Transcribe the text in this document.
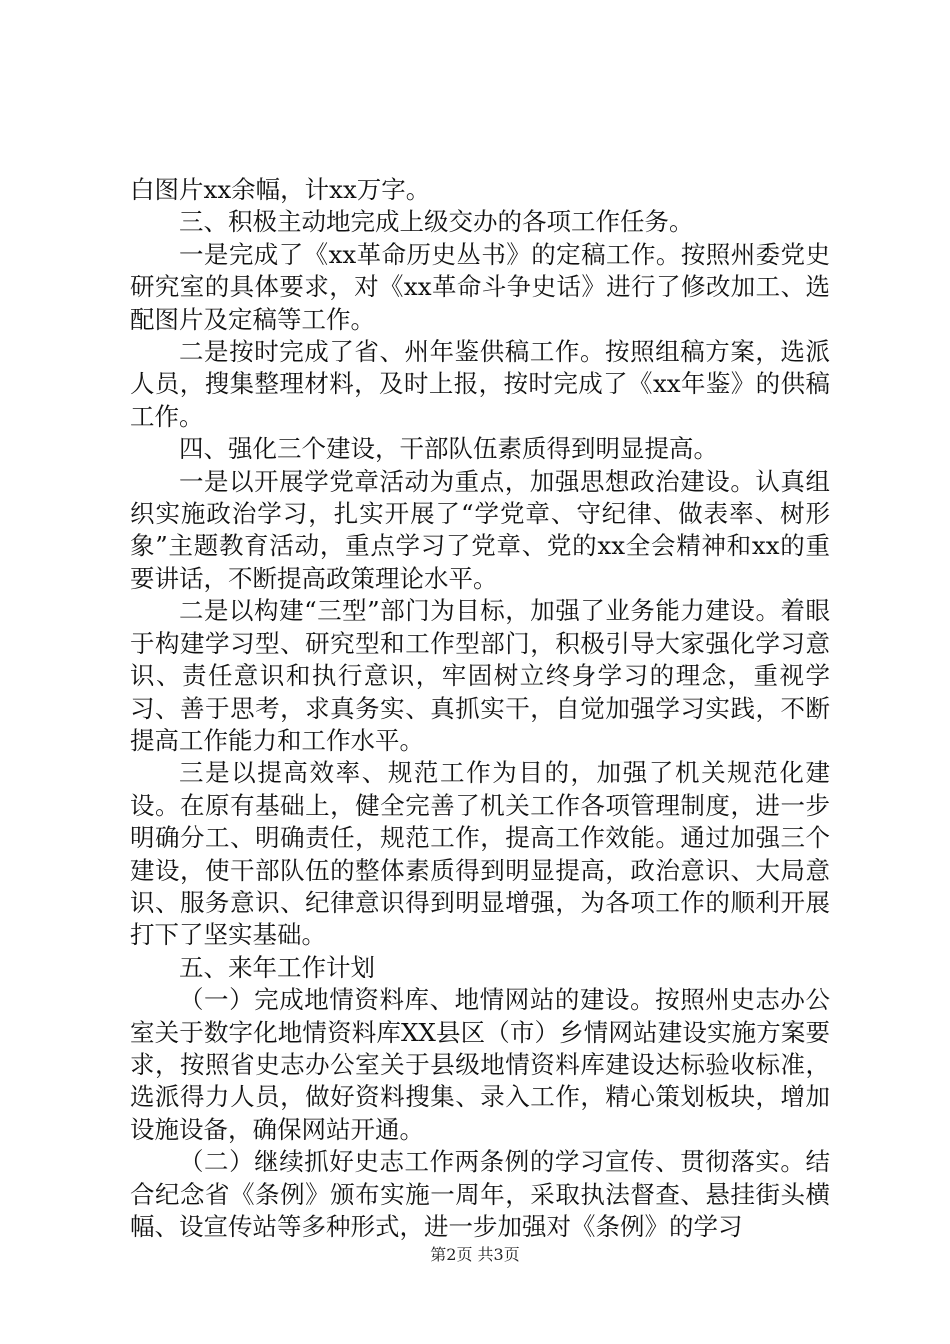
白图片xx余幅，计xx万字。

三、积极主动地完成上级交办的各项工作任务。

一是完成了《xx革命历史丛书》的定稿工作。按照州委党史研究室的具体要求，对《xx革命斗争史话》进行了修改加工、选配图片及定稿等工作。

二是按时完成了省、州年鉴供稿工作。按照组稿方案，选派人员，搜集整理材料，及时上报，按时完成了《xx年鉴》的供稿工作。

四、强化三个建设，干部队伍素质得到明显提高。

一是以开展学党章活动为重点，加强思想政治建设。认真组织实施政治学习，扎实开展了“学党章、守纪律、做表率、树形象”主题教育活动，重点学习了党章、党的xx全会精神和xx的重要讲话，不断提高政策理论水平。

二是以构建“三型”部门为目标，加强了业务能力建设。着眼于构建学习型、研究型和工作型部门，积极引导大家强化学习意识、责任意识和执行意识，牢固树立终身学习的理念，重视学习、善于思考，求真务实、真抓实干，自觉加强学习实践，不断提高工作能力和工作水平。

三是以提高效率、规范工作为目的，加强了机关规范化建设。在原有基础上，健全完善了机关工作各项管理制度，进一步明确分工、明确责任，规范工作，提高工作效能。通过加强三个建设，使干部队伍的整体素质得到明显提高，政治意识、大局意识、服务意识、纪律意识得到明显增强，为各项工作的顺利开展打下了坚实基础。

五、来年工作计划

（一）完成地情资料库、地情网站的建设。按照州史志办公室关于数字化地情资料库XX县区（市）乡情网站建设实施方案要求，按照省史志办公室关于县级地情资料库建设达标验收标准，选派得力人员，做好资料搜集、录入工作，精心策划板块，增加设施设备，确保网站开通。

（二）继续抓好史志工作两条例的学习宣传、贯彻落实。结合纪念省《条例》颁布实施一周年，采取执法督查、悬挂街头横幅、设宣传站等多种形式，进一步加强对《条例》的学习

第2页 共3页
